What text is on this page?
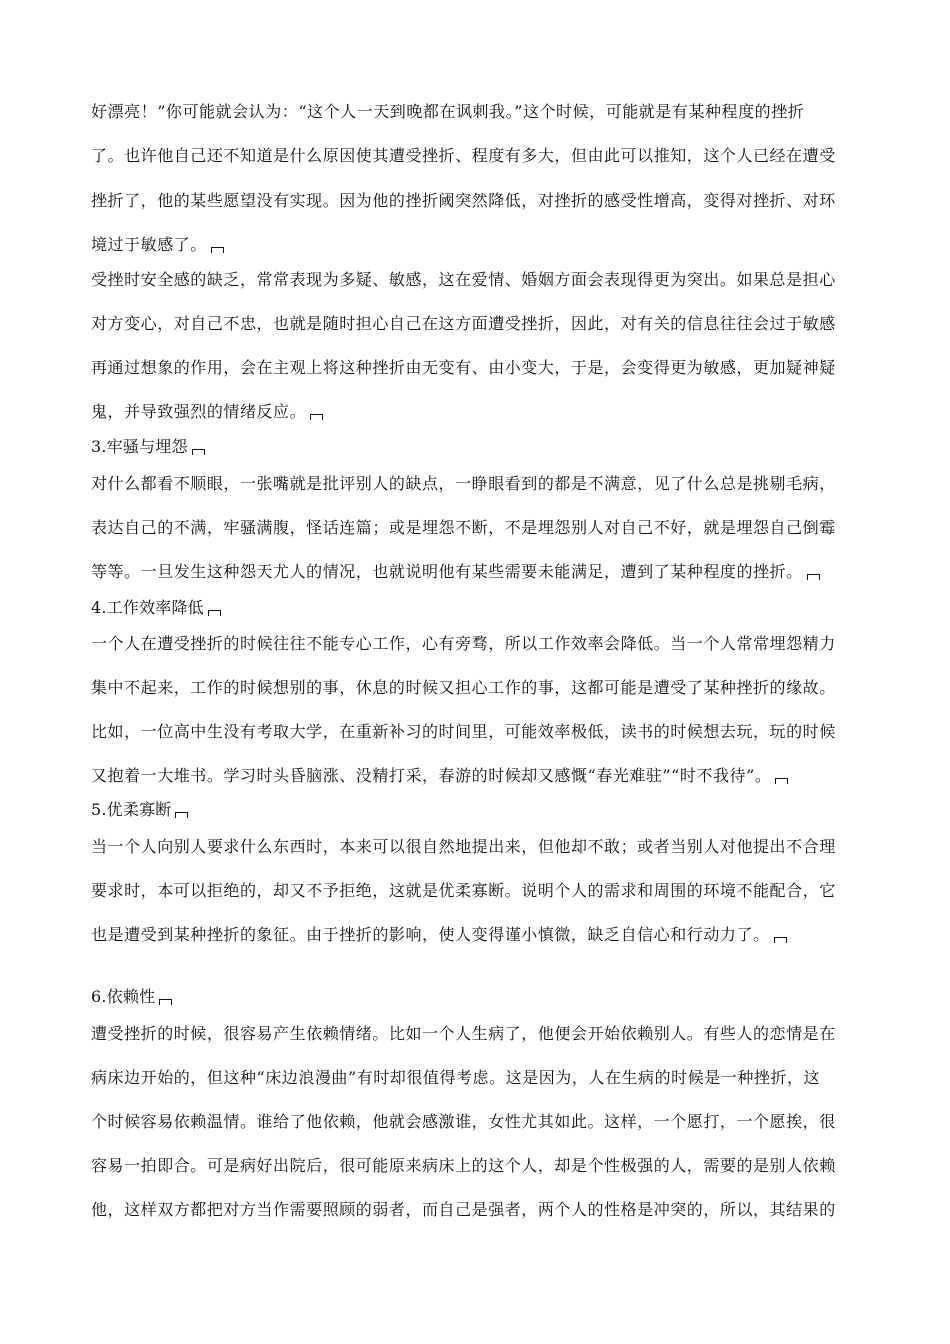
好漂亮！”你可能就会认为：“这个人一天到晚都在讽刺我。”这个时候，可能就是有某种程度的挫折
了。也许他自己还不知道是什么原因使其遭受挫折、程度有多大，但由此可以推知，这个人已经在遭受
挫折了，他的某些愿望没有实现。因为他的挫折阈突然降低，对挫折的感受性增高，变得对挫折、对环
境过于敏感了。
受挫时安全感的缺乏，常常表现为多疑、敏感，这在爱情、婚姻方面会表现得更为突出。如果总是担心
对方变心，对自己不忠，也就是随时担心自己在这方面遭受挫折，因此，对有关的信息往往会过于敏感
再通过想象的作用，会在主观上将这种挫折由无变有、由小变大，于是，会变得更为敏感，更加疑神疑
鬼，并导致强烈的情绪反应。
3.牢骚与埋怨
对什么都看不顺眼，一张嘴就是批评别人的缺点，一睁眼看到的都是不满意，见了什么总是挑剔毛病，
表达自己的不满，牢骚满腹，怪话连篇；或是埋怨不断，不是埋怨别人对自己不好，就是埋怨自己倒霉
等等。一旦发生这种怨天尤人的情况，也就说明他有某些需要未能满足，遭到了某种程度的挫折。
4.工作效率降低
一个人在遭受挫折的时候往往不能专心工作，心有旁骛，所以工作效率会降低。当一个人常常埋怨精力
集中不起来，工作的时候想别的事，休息的时候又担心工作的事，这都可能是遭受了某种挫折的缘故。
比如，一位高中生没有考取大学，在重新补习的时间里，可能效率极低，读书的时候想去玩，玩的时候
又抱着一大堆书。学习时头昏脑涨、没精打采，春游的时候却又感慨“春光难驻”“时不我待”。
5.优柔寡断
当一个人向别人要求什么东西时，本来可以很自然地提出来，但他却不敢；或者当别人对他提出不合理
要求时，本可以拒绝的，却又不予拒绝，这就是优柔寡断。说明个人的需求和周围的环境不能配合，它
也是遭受到某种挫折的象征。由于挫折的影响，使人变得谨小慎微，缺乏自信心和行动力了。
6.依赖性
遭受挫折的时候，很容易产生依赖情绪。比如一个人生病了，他便会开始依赖别人。有些人的恋情是在
病床边开始的，但这种“床边浪漫曲”有时却很值得考虑。这是因为，人在生病的时候是一种挫折，这
个时候容易依赖温情。谁给了他依赖，他就会感激谁，女性尤其如此。这样，一个愿打，一个愿挨，很
容易一拍即合。可是病好出院后，很可能原来病床上的这个人，却是个性极强的人，需要的是别人依赖
他，这样双方都把对方当作需要照顾的弱者，而自己是强者，两个人的性格是冲突的，所以，其结果的
